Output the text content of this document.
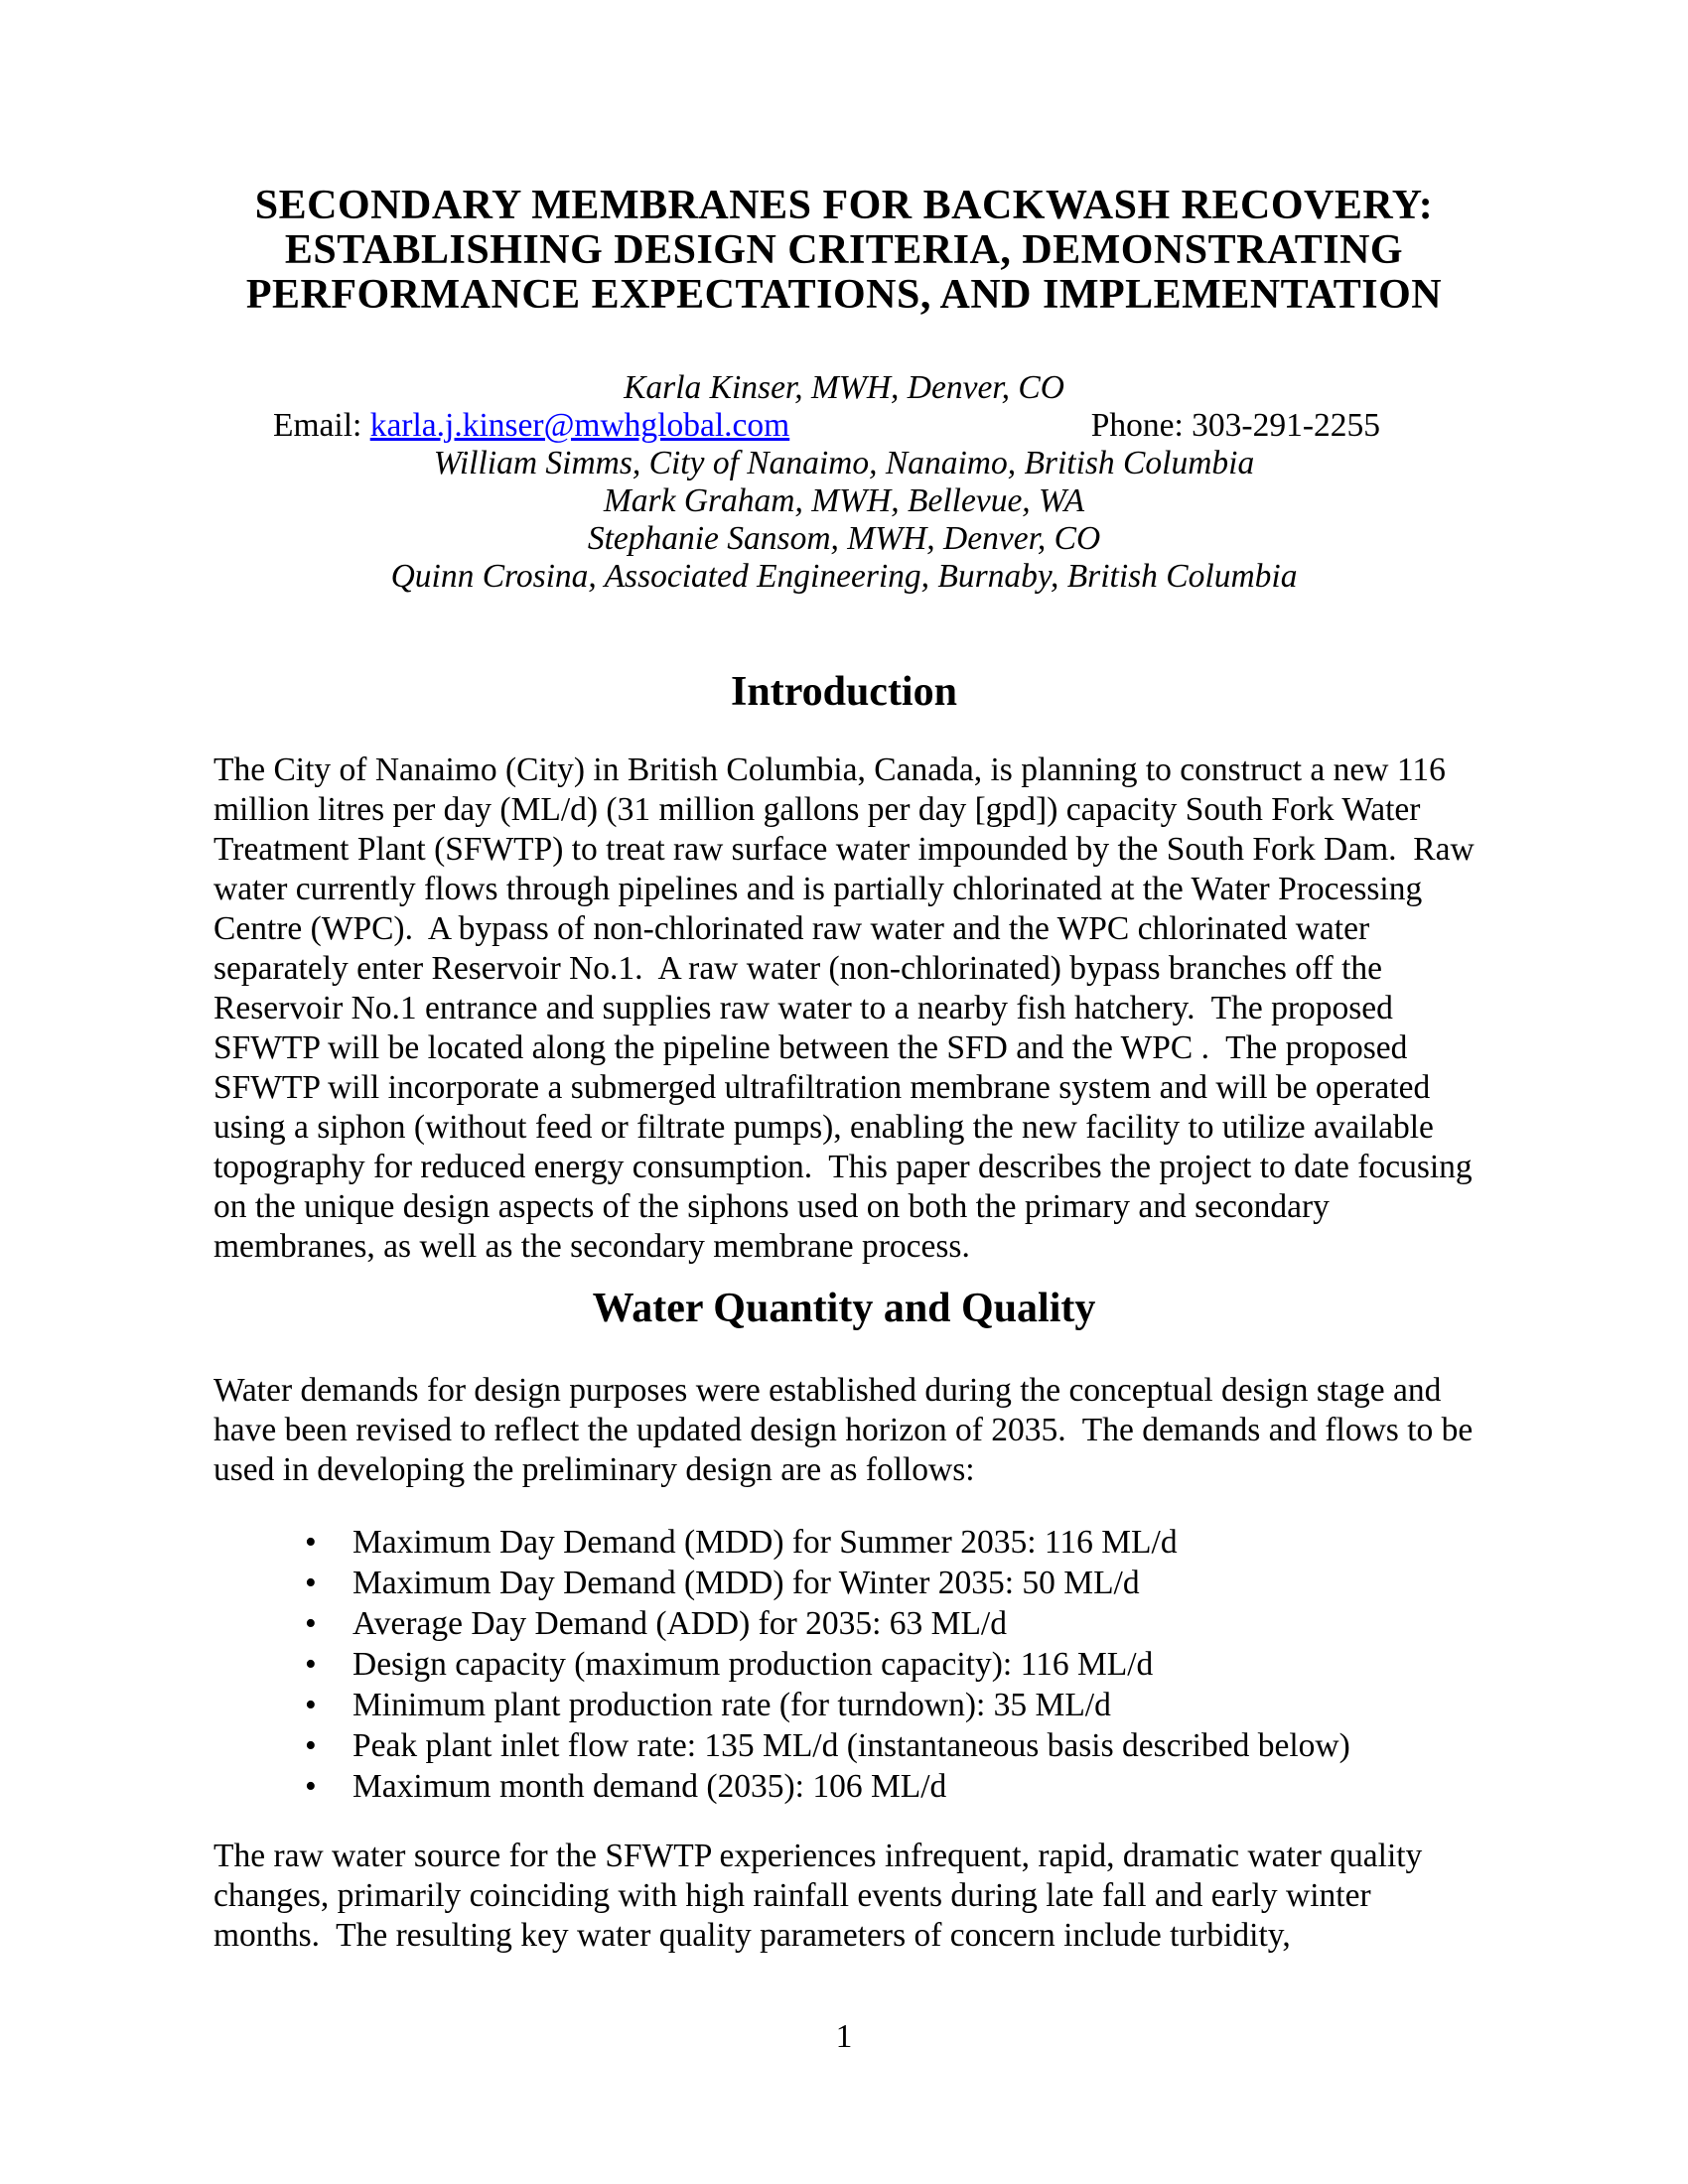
SECONDARY MEMBRANES FOR BACKWASH RECOVERY:
ESTABLISHING DESIGN CRITERIA, DEMONSTRATING
PERFORMANCE EXPECTATIONS, AND IMPLEMENTATION
Karla Kinser, MWH, Denver, CO
Email: karla.j.kinser@mwhglobal.com	Phone: 303-291-2255
William Simms, City of Nanaimo, Nanaimo, British Columbia
Mark Graham, MWH, Bellevue, WA
Stephanie Sansom, MWH, Denver, CO
Quinn Crosina, Associated Engineering, Burnaby, British Columbia
Introduction

The City of Nanaimo (City) in British Columbia, Canada, is planning to construct a new 116 million litres per day (ML/d) (31 million gallons per day [gpd]) capacity South Fork Water Treatment Plant (SFWTP) to treat raw surface water impounded by the South Fork Dam.  Raw water currently flows through pipelines and is partially chlorinated at the Water Processing Centre (WPC).  A bypass of non-chlorinated raw water and the WPC chlorinated water separately enter Reservoir No.1.  A raw water (non-chlorinated) bypass branches off the Reservoir No.1 entrance and supplies raw water to a nearby fish hatchery.  The proposed SFWTP will be located along the pipeline between the SFD and the WPC .  The proposed SFWTP will incorporate a submerged ultrafiltration membrane system and will be operated using a siphon (without feed or filtrate pumps), enabling the new facility to utilize available topography for reduced energy consumption.  This paper describes the project to date focusing on the unique design aspects of the siphons used on both the primary and secondary membranes, as well as the secondary membrane process.

Water Quantity and Quality

Water demands for design purposes were established during the conceptual design stage and have been revised to reflect the updated design horizon of 2035.  The demands and flows to be used in developing the preliminary design are as follows:

•	Maximum Day Demand (MDD) for Summer 2035: 116 ML/d
•	Maximum Day Demand (MDD) for Winter 2035: 50 ML/d
•	Average Day Demand (ADD) for 2035: 63 ML/d
•	Design capacity (maximum production capacity): 116 ML/d
•	Minimum plant production rate (for turndown): 35 ML/d
•	Peak plant inlet flow rate: 135 ML/d (instantaneous basis described below)
•	Maximum month demand (2035): 106 ML/d

The raw water source for the SFWTP experiences infrequent, rapid, dramatic water quality changes, primarily coinciding with high rainfall events during late fall and early winter months.  The resulting key water quality parameters of concern include turbidity,

1
